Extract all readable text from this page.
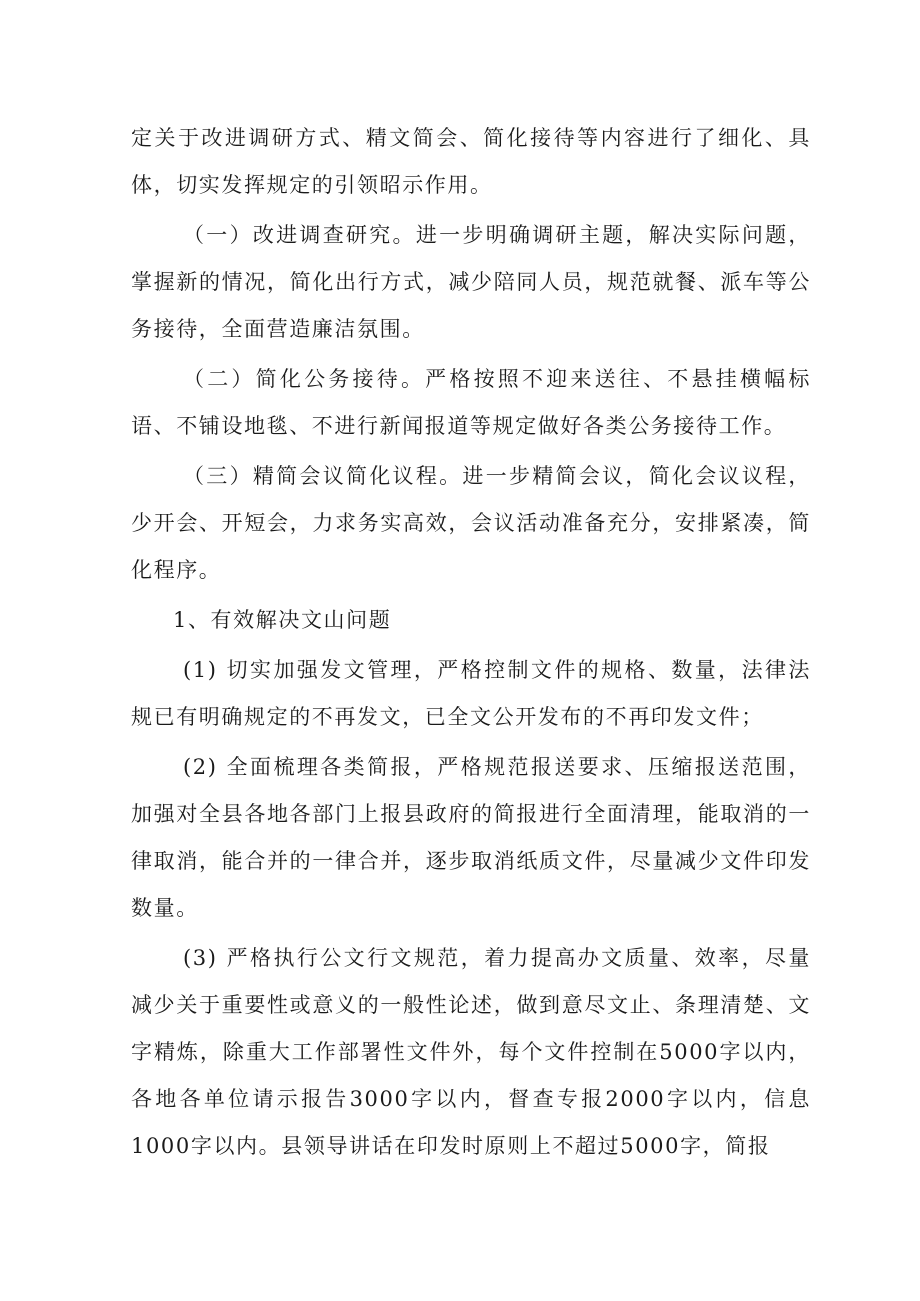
定关于改进调研方式、精文简会、简化接待等内容进行了细化、具体，切实发挥规定的引领昭示作用。

（一）改进调查研究。进一步明确调研主题，解决实际问题，掌握新的情况，简化出行方式，减少陪同人员，规范就餐、派车等公务接待，全面营造廉洁氛围。

（二）简化公务接待。严格按照不迎来送往、不悬挂横幅标语、不铺设地毯、不进行新闻报道等规定做好各类公务接待工作。

（三）精简会议简化议程。进一步精简会议，简化会议议程，少开会、开短会，力求务实高效，会议活动准备充分，安排紧凑，简化程序。

1、有效解决文山问题

(1) 切实加强发文管理，严格控制文件的规格、数量，法律法规已有明确规定的不再发文，已全文公开发布的不再印发文件；

(2) 全面梳理各类简报，严格规范报送要求、压缩报送范围，加强对全县各地各部门上报县政府的简报进行全面清理，能取消的一律取消，能合并的一律合并，逐步取消纸质文件，尽量减少文件印发数量。

(3) 严格执行公文行文规范，着力提高办文质量、效率，尽量减少关于重要性或意义的一般性论述，做到意尽文止、条理清楚、文字精炼，除重大工作部署性文件外，每个文件控制在5000字以内，各地各单位请示报告3000字以内，督查专报2000字以内，信息1000字以内。县领导讲话在印发时原则上不超过5000字，简报
